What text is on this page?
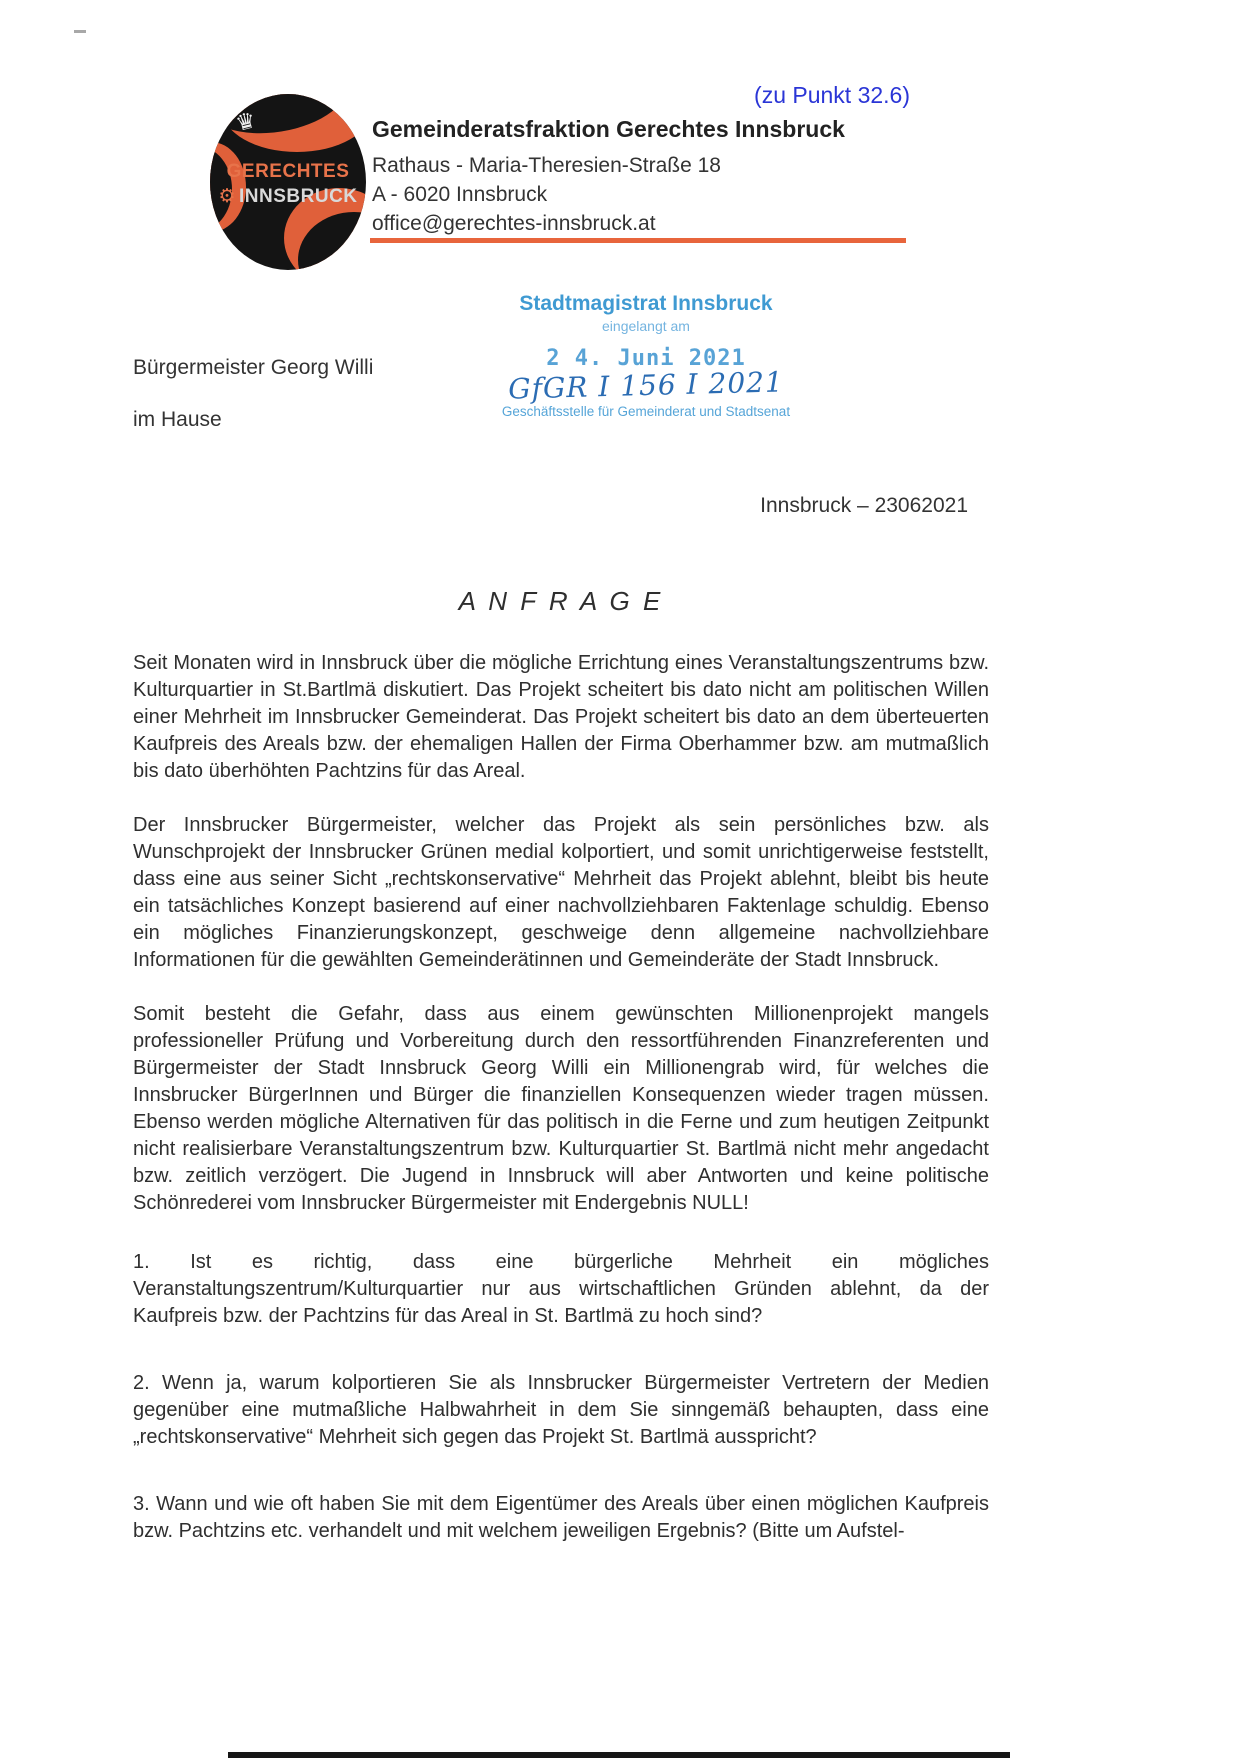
(zu Punkt 32.6)
♛
GERECHTES
⚙ INNSBRUCK
Gemeinderatsfraktion Gerechtes Innsbruck
Rathaus - Maria-Theresien-Straße 18
A - 6020 Innsbruck
office@gerechtes-innsbruck.at
Stadtmagistrat Innsbruck
eingelangt am
2 4. Juni 2021
GfGR I 156 I 2021
Geschäftsstelle für Gemeinderat und Stadtsenat
Bürgermeister Georg Willi
im Hause
Innsbruck – 23062021
A N F R A G E

Seit Monaten wird in Innsbruck über die mögliche Errichtung eines Veranstaltungszentrums bzw. Kulturquartier in St.Bartlmä diskutiert. Das Projekt scheitert bis dato nicht am politischen Willen einer Mehrheit im Innsbrucker Gemeinderat. Das Projekt scheitert bis dato an dem überteuerten Kaufpreis des Areals bzw. der ehemaligen Hallen der Firma Oberhammer bzw. am mutmaßlich bis dato überhöhten Pachtzins für das Areal.

Der Innsbrucker Bürgermeister, welcher das Projekt als sein persönliches bzw. als Wunschprojekt der Innsbrucker Grünen medial kolportiert, und somit unrichtigerweise feststellt, dass eine aus seiner Sicht „rechtskonservative“ Mehrheit das Projekt ablehnt, bleibt bis heute ein tatsächliches Konzept basierend auf einer nachvollziehbaren Faktenlage schuldig. Ebenso ein mögliches Finanzierungskonzept, geschweige denn allgemeine nachvollziehbare Informationen für die gewählten Gemeinderätinnen und Gemeinderäte der Stadt Innsbruck.

Somit besteht die Gefahr, dass aus einem gewünschten Millionenprojekt mangels professioneller Prüfung und Vorbereitung durch den ressortführenden Finanzreferenten und Bürgermeister der Stadt Innsbruck Georg Willi ein Millionengrab wird, für welches die Innsbrucker BürgerInnen und Bürger die finanziellen Konsequenzen wieder tragen müssen. Ebenso werden mögliche Alternativen für das politisch in die Ferne und zum heutigen Zeitpunkt nicht realisierbare Veranstaltungszentrum bzw. Kulturquartier St. Bartlmä nicht mehr angedacht bzw. zeitlich verzögert. Die Jugend in Innsbruck will aber Antworten und keine politische Schönrederei vom Innsbrucker Bürgermeister mit Endergebnis NULL!

1. Ist es richtig, dass eine bürgerliche Mehrheit ein mögliches Veranstaltungszentrum/Kulturquartier nur aus wirtschaftlichen Gründen ablehnt, da der Kaufpreis bzw. der Pachtzins für das Areal in St. Bartlmä zu hoch sind?

2. Wenn ja, warum kolportieren Sie als Innsbrucker Bürgermeister Vertretern der Medien gegenüber eine mutmaßliche Halbwahrheit in dem Sie sinngemäß behaupten, dass eine „rechtskonservative“ Mehrheit sich gegen das Projekt St. Bartlmä ausspricht?

3. Wann und wie oft haben Sie mit dem Eigentümer des Areals über einen möglichen Kaufpreis bzw. Pachtzins etc. verhandelt und mit welchem jeweiligen Ergebnis? (Bitte um Aufstel-
